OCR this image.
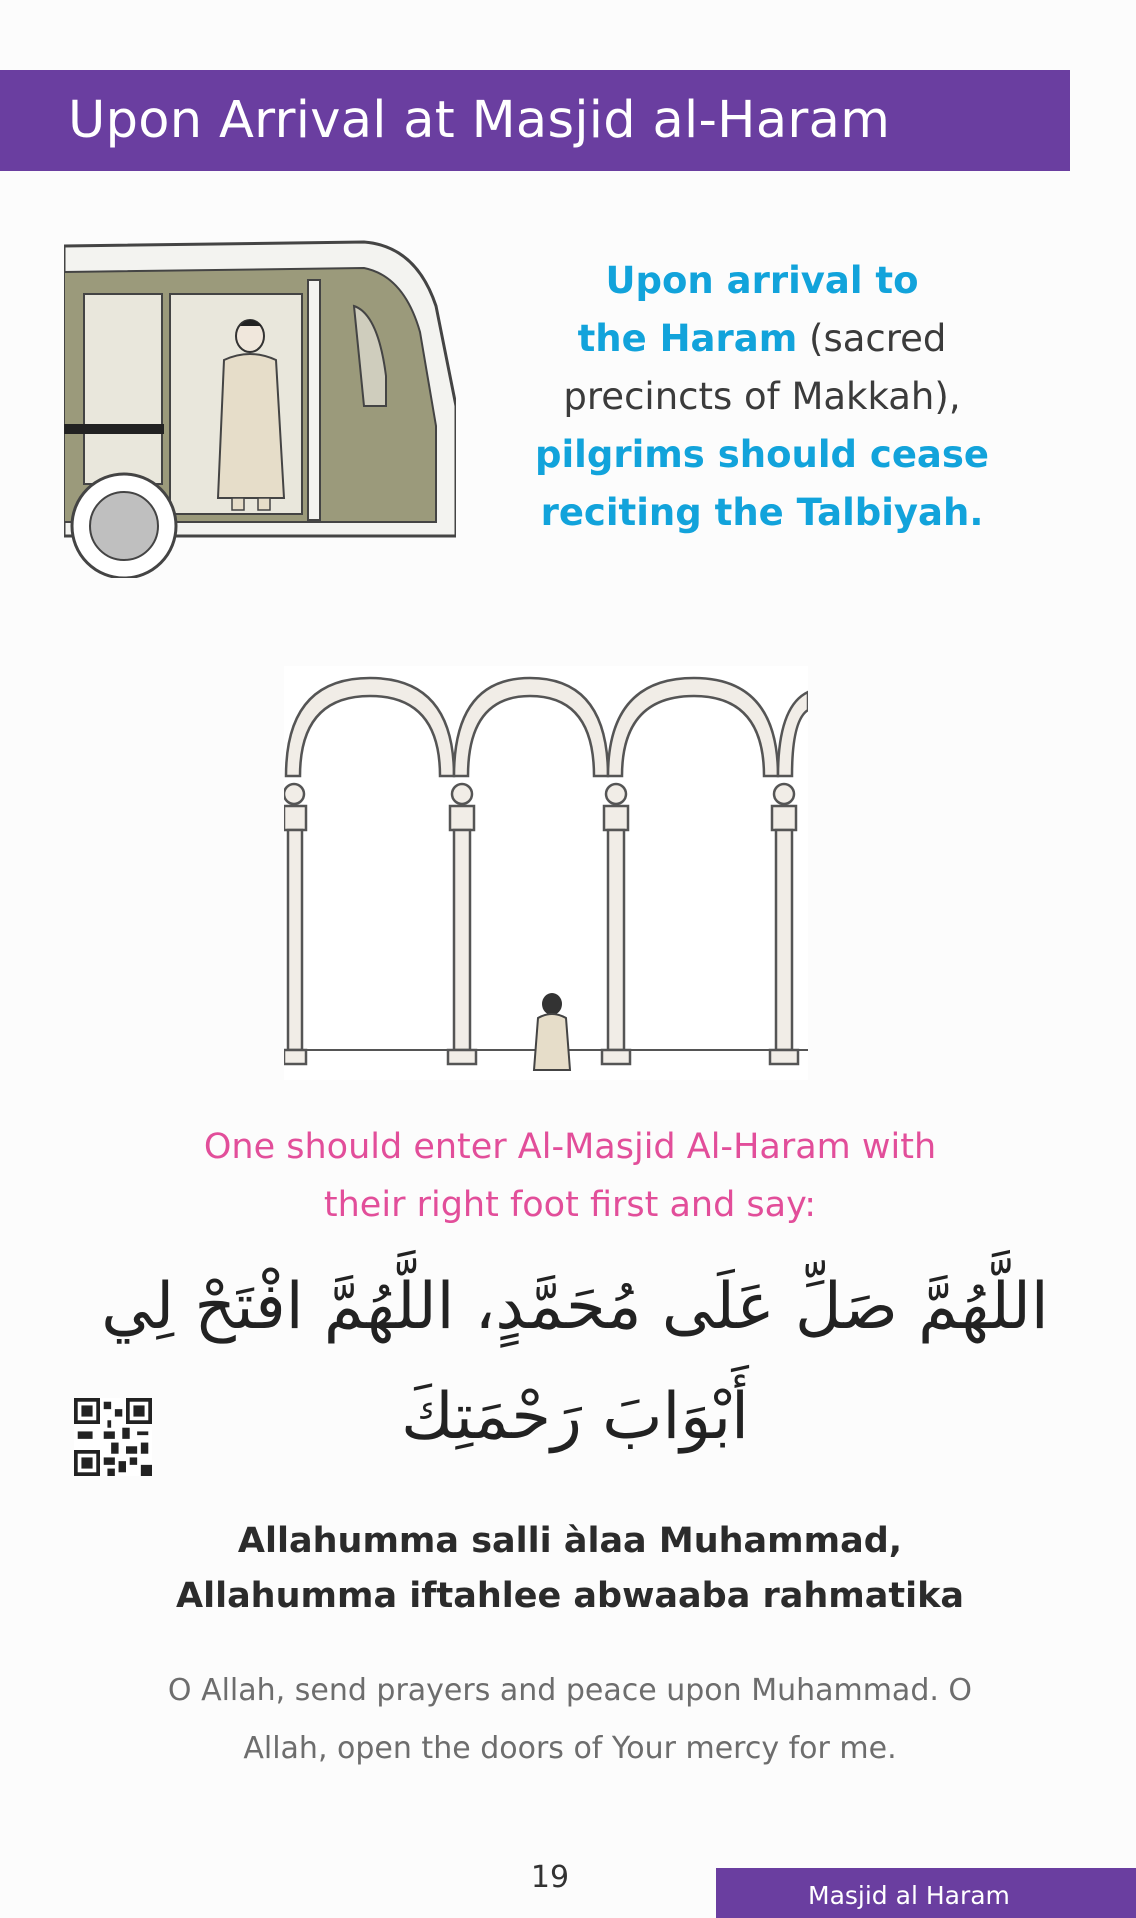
Upon Arrival at Masjid al-Haram
Upon arrival to
the Haram (sacred
precincts of Makkah),
pilgrims should cease
reciting the Talbiyah.
One should enter Al-Masjid Al-Haram with
their right foot first and say:
اللَّهُمَّ صَلِّ عَلَى مُحَمَّدٍ، اللَّهُمَّ افْتَحْ لِي
أَبْوَابَ رَحْمَتِكَ
Allahumma salli àlaa Muhammad,
Allahumma iftahlee abwaaba rahmatika
O Allah, send prayers and peace upon Muhammad. O
Allah, open the doors of Your mercy for me.
19
Masjid al Haram
